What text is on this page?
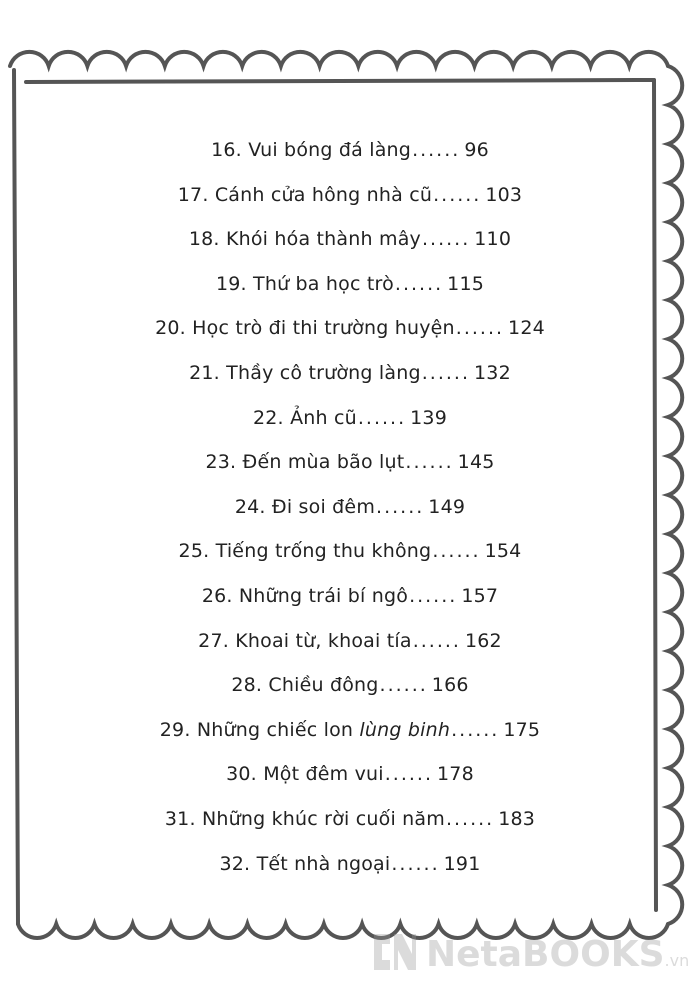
16. Vui bóng đá làng...... 96
17. Cánh cửa hông nhà cũ...... 103
18. Khói hóa thành mây...... 110
19. Thứ ba học trò...... 115
20. Học trò đi thi trường huyện...... 124
21. Thầy cô trường làng...... 132
22. Ảnh cũ...... 139
23. Đến mùa bão lụt...... 145
24. Đi soi đêm...... 149
25. Tiếng trống thu không...... 154
26. Những trái bí ngô...... 157
27. Khoai từ, khoai tía...... 162
28. Chiều đông...... 166
29. Những chiếc lon lùng binh...... 175
30. Một đêm vui...... 178
31. Những khúc rời cuối năm...... 183
32. Tết nhà ngoại...... 191
NetaBOOKS.vn
